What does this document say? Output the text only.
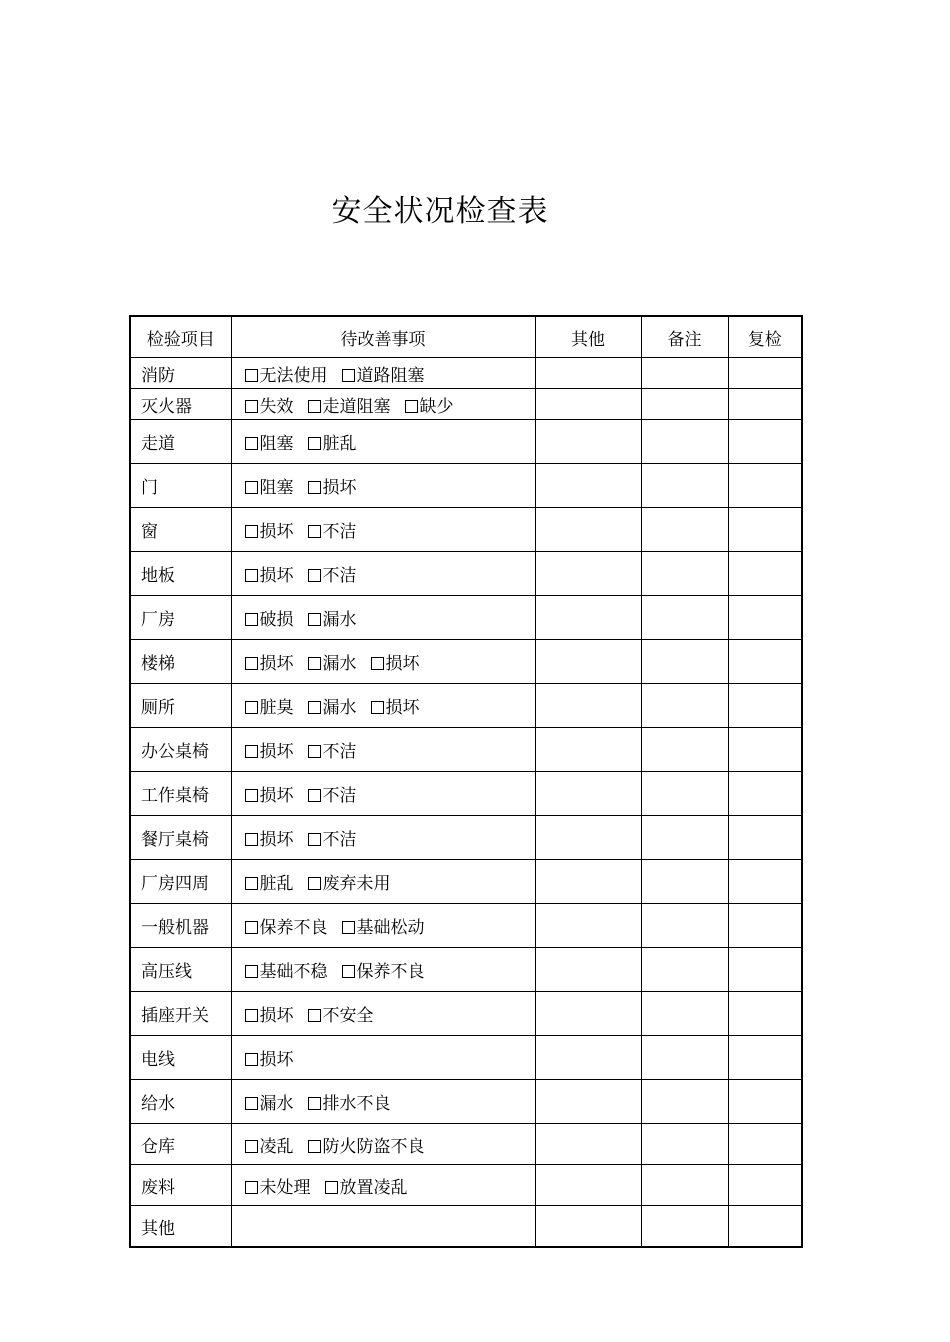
安全状况检查表
检验项目	待改善事项	其他	备注	复检
消防	无法使用 道路阻塞			
灭火器	失效 走道阻塞 缺少			
走道	阻塞 脏乱			
门	阻塞 损坏			
窗	损坏 不洁			
地板	损坏 不洁			
厂房	破损 漏水			
楼梯	损坏 漏水 损坏			
厕所	脏臭 漏水 损坏			
办公桌椅	损坏 不洁			
工作桌椅	损坏 不洁			
餐厅桌椅	损坏 不洁			
厂房四周	脏乱 废弃未用			
一般机器	保养不良 基础松动			
高压线	基础不稳 保养不良			
插座开关	损坏 不安全			
电线	损坏			
给水	漏水 排水不良			
仓库	凌乱 防火防盗不良			
废料	未处理 放置凌乱			
其他				
